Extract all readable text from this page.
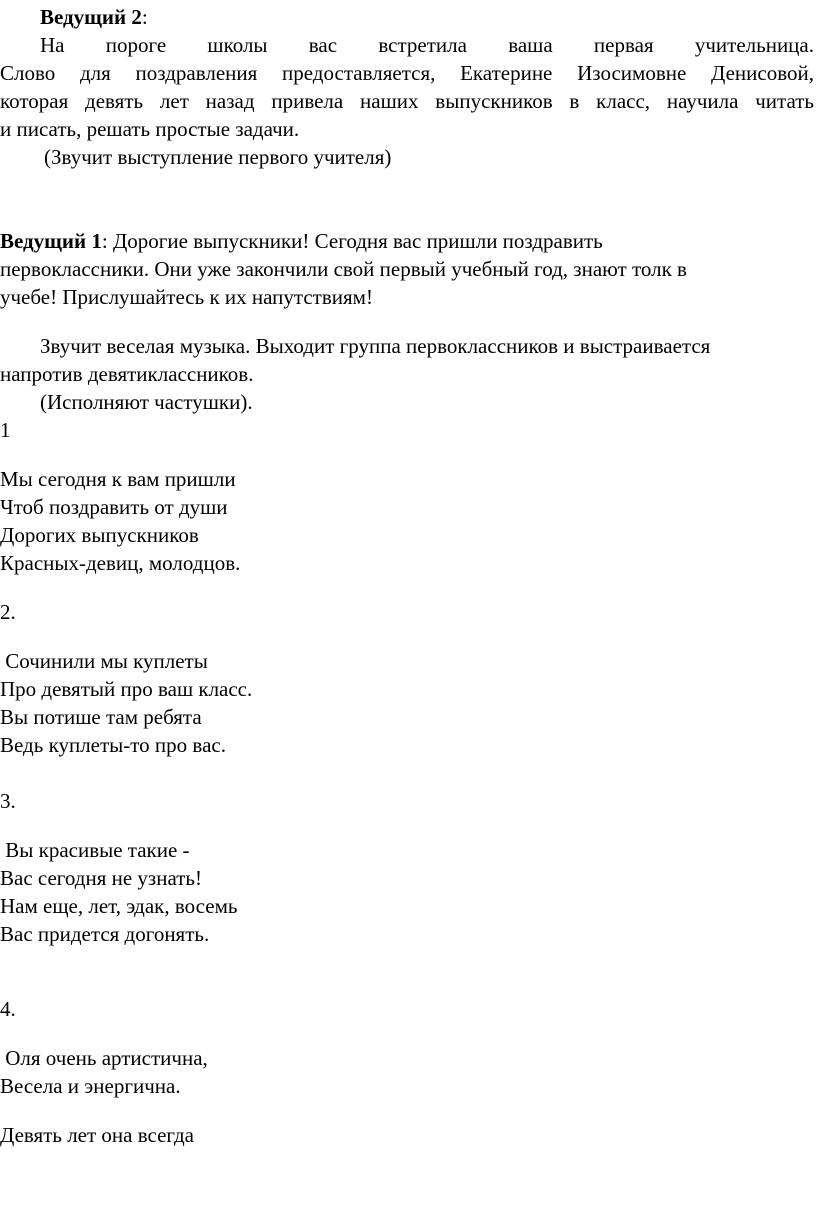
Ведущий 2:
На пороге школы вас встретила ваша первая учительница.
Слово для поздравления предоставляется, Екатерине Изосимовне Денисовой,
которая девять лет назад привела наших выпускников в класс, научила читать
и писать, решать простые задачи.
(Звучит выступление первого учителя)
Ведущий 1: Дорогие выпускники! Сегодня вас пришли поздравить
первоклассники. Они уже закончили свой первый учебный год, знают толк в
учебе! Прислушайтесь к их напутствиям!
Звучит веселая музыка. Выходит группа первоклассников и выстраивается
напротив девятиклассников.
(Исполняют частушки).
1
Мы сегодня к вам пришли
Чтоб поздравить от души
Дорогих выпускников
Красных-девиц, молодцов.
2.
Сочинили мы куплеты
Про девятый про ваш класс.
Вы потише там ребята
Ведь куплеты-то про вас.
3.
Вы красивые такие -
Вас сегодня не узнать!
Нам еще, лет, эдак, восемь
Вас придется догонять.
4.
Оля очень артистична,
Весела и энергична.
Девять лет она всегда
